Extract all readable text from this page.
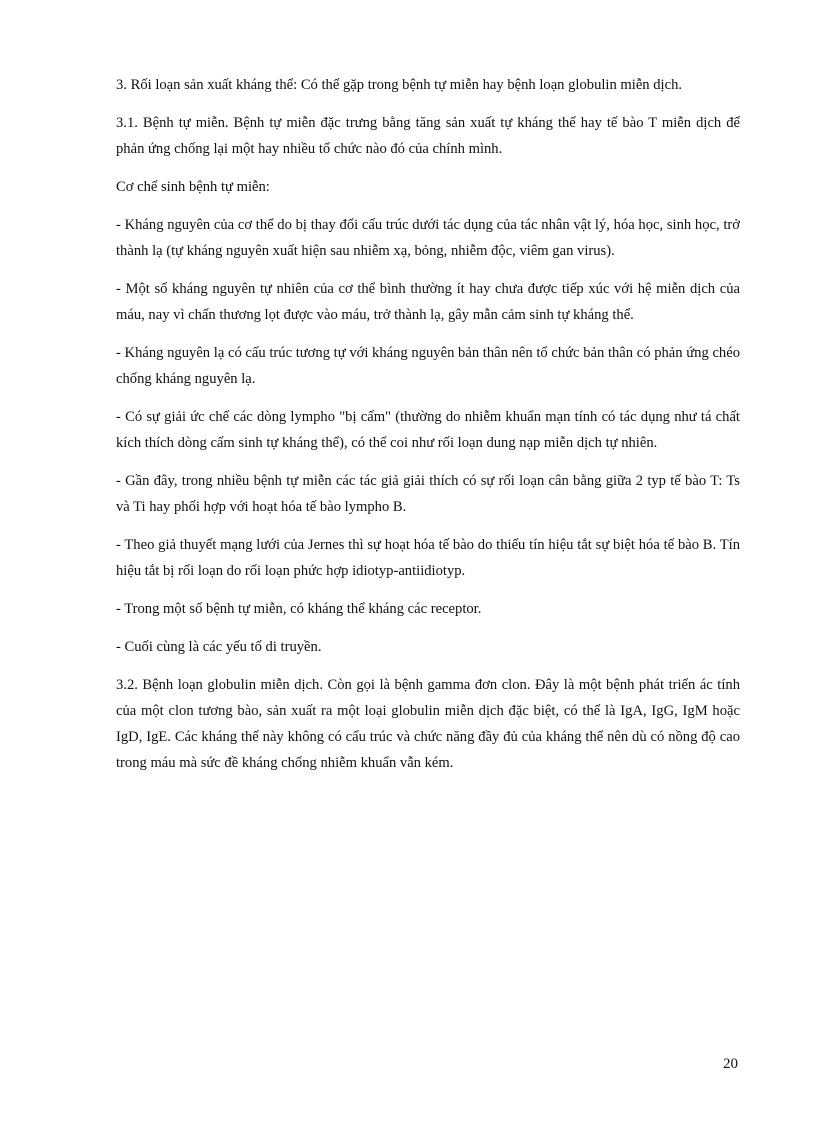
3. Rối loạn sản xuất kháng thể: Có thể gặp trong bệnh tự miễn hay bệnh loạn globulin miễn dịch.

3.1. Bệnh tự miễn. Bệnh tự miễn đặc trưng bằng tăng sản xuất tự kháng thể hay tế bào T miễn dịch để phản ứng chống lại một hay nhiều tổ chức nào đó của chính mình.

Cơ chế sinh bệnh tự miễn:

- Kháng nguyên của cơ thể do bị thay đổi cấu trúc dưới tác dụng của tác nhân vật lý, hóa học, sinh học, trở thành lạ (tự kháng nguyên xuất hiện sau nhiễm xạ, bỏng, nhiễm độc, viêm gan virus).

- Một số kháng nguyên tự nhiên của cơ thể bình thường ít hay chưa được tiếp xúc với hệ miễn dịch của máu, nay vì chấn thương lọt được vào máu, trở thành lạ, gây mẫn cảm sinh tự kháng thể.

- Kháng nguyên lạ có cấu trúc tương tự với kháng nguyên bản thân nên tổ chức bản thân có phản ứng chéo chống kháng nguyên lạ.

- Có sự giải ức chế các dòng lympho "bị cấm" (thường do nhiễm khuẩn mạn tính có tác dụng như tá chất kích thích dòng cấm sinh tự kháng thể), có thể coi như rối loạn dung nạp miễn dịch tự nhiên.

- Gần đây, trong nhiều bệnh tự miễn các tác giả giải thích có sự rối loạn cân bằng giữa 2 typ tế bào T: Ts và Ti hay phối hợp với hoạt hóa tế bào lympho B.

- Theo giả thuyết mạng lưới của Jernes thì sự hoạt hóa tế bào do thiếu tín hiệu tắt sự biệt hóa tế bào B. Tín hiệu tắt bị rối loạn do rối loạn phức hợp idiotyp-antiidiotyp.

- Trong một số bệnh tự miễn, có kháng thể kháng các receptor.

- Cuối cùng là các yếu tố di truyền.

3.2. Bệnh loạn globulin miễn dịch. Còn gọi là bệnh gamma đơn clon. Đây là một bệnh phát triển ác tính của một clon tương bào, sản xuất ra một loại globulin miễn dịch đặc biệt, có thể là IgA, IgG, IgM hoặc IgD, IgE. Các kháng thể này không có cấu trúc và chức năng đầy đủ của kháng thể nên dù có nồng độ cao trong máu mà sức đề kháng chống nhiễm khuẩn vẫn kém.

20
